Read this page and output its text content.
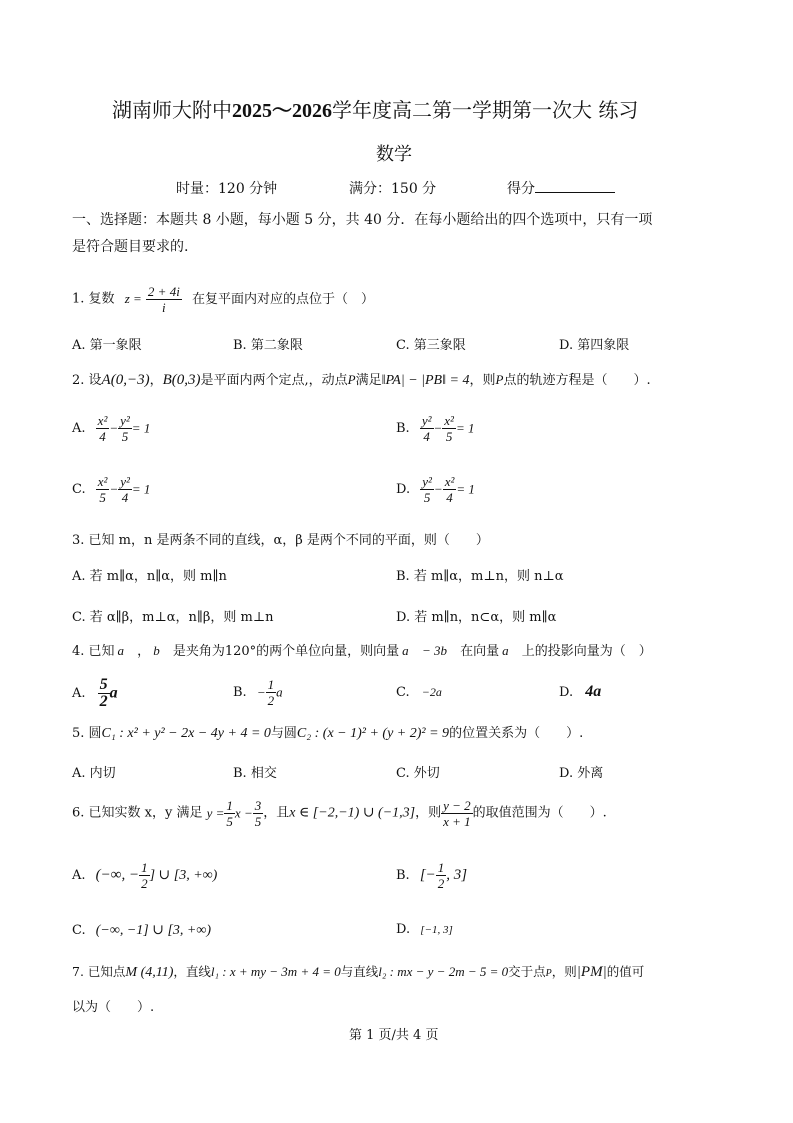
湖南师大附中2025～2026学年度高二第一学期第一次大 练习
数学
时量：120 分钟	满分：150 分	得分
一、选择题：本题共 8 小题，每小题 5 分，共 40 分．在每小题给出的四个选项中，只有一项
是符合题目要求的.
1. 复数 $z = \frac{2 + 4i}{i}$ 在复平面内对应的点位于（　）
A. 第一象限	B. 第二象限	C. 第三象限	D. 第四象限
2. 设A(0,−3)，B(0,3)是平面内两个定点,，动点P满足‖PA| − |PB‖ = 4，则P点的轨迹方程是（　　）.
A. $\frac{\text{x²}}{4} - \frac{\text{y²}}{5} = 1$	B. $\frac{\text{y²}}{4} - \frac{\text{x²}}{5} = 1$
C. $\frac{\text{x²}}{5} - \frac{\text{y²}}{4} = 1$	D. $\frac{\text{y²}}{5} - \frac{\text{x²}}{4} = 1$
3. 已知 m，n 是两条不同的直线，α，β 是两个不同的平面，则（　　）
A. 若 m∥α，n∥α，则 m∥n	B. 若 m∥α，m⊥n，则 n⊥α
C. 若 α∥β，m⊥α，n∥β，则 m⊥n	D. 若 m∥n，n⊂α，则 m∥α
4. 已知 a⃗ ， b⃗ 是夹角为120°的两个单位向量，则向量 a⃗ − 3b⃗ 在向量 a⃗ 上的投影向量为（　）
A. $\frac{5}{2}$ a⃗	B. − $\frac{1}{2}$ a⃗	C. −2a⃗	D. 4a⃗
5. 圆C₁ : x² + y² − 2x − 4y + 4 = 0与圆C₂ : (x − 1)² + (y + 2)² = 9的位置关系为（　　）.
A. 内切	B. 相交	C. 外切	D. 外离
6. 已知实数 x，y 满足 $y = \frac{1}{5}$ $x - \frac{3}{5}$ ，且x ∈ [−2,−1) ∪ (−1,3]，则 $\frac{y - 2}{x + 1}$ 的取值范围为（　　）.
A. (−∞, − $\frac{1}{2}$ ] ∪ [3, +∞)	B. [− $\frac{1}{2}$ , 3]
C. (−∞, −1] ∪ [3, +∞)	D. [−1, 3]
7. 已知点M (4,11)，直线l₁ : x + my − 3m + 4 = 0与直线l₂ : mx − y − 2m − 5 = 0交于点P，则|PM|的值可
以为（　　）.
第 1 页/共 4 页
